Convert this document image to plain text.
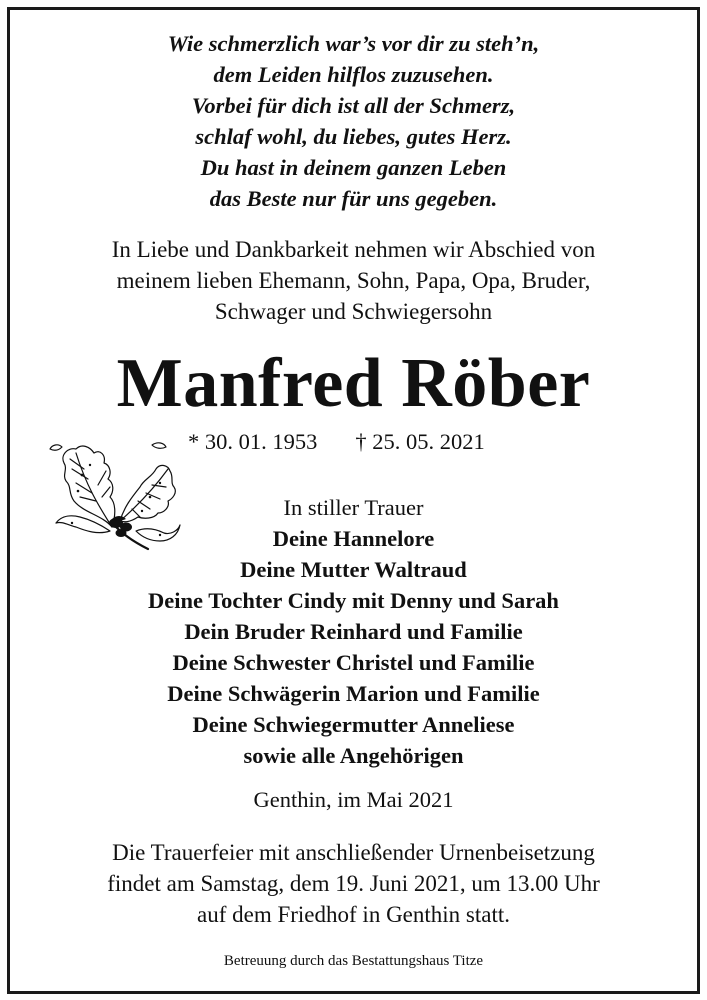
Wie schmerzlich war’s vor dir zu steh’n,
dem Leiden hilflos zuzusehen.
Vorbei für dich ist all der Schmerz,
schlaf wohl, du liebes, gutes Herz.
Du hast in deinem ganzen Leben
das Beste nur für uns gegeben.
In Liebe und Dankbarkeit nehmen wir Abschied von
meinem lieben Ehemann, Sohn, Papa, Opa, Bruder,
Schwager und Schwiegersohn
Manfred Röber
* 30. 01. 1953 † 25. 05. 2021
In stiller Trauer
Deine Hannelore
Deine Mutter Waltraud
Deine Tochter Cindy mit Denny und Sarah
Dein Bruder Reinhard und Familie
Deine Schwester Christel und Familie
Deine Schwägerin Marion und Familie
Deine Schwiegermutter Anneliese
sowie alle Angehörigen
Genthin, im Mai 2021
Die Trauerfeier mit anschließender Urnenbeisetzung
findet am Samstag, dem 19. Juni 2021, um 13.00 Uhr
auf dem Friedhof in Genthin statt.
Betreuung durch das Bestattungshaus Titze
